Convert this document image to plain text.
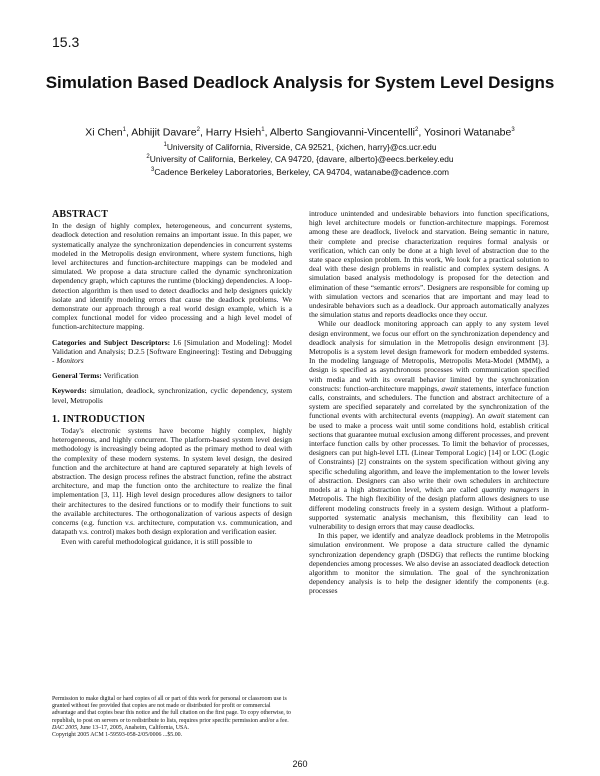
15.3
Simulation Based Deadlock Analysis for System Level Designs
Xi Chen$^1$, Abhijit Davare$^2$, Harry Hsieh$^1$, Alberto Sangiovanni-Vincentelli$^2$, Yosinori Watanabe$^3$
$^1$University of California, Riverside, CA 92521, {xichen, harry}@cs.ucr.edu
$^2$University of California, Berkeley, CA 94720, {davare, alberto}@eecs.berkeley.edu
$^3$Cadence Berkeley Laboratories, Berkeley, CA 94704, watanabe@cadence.com
ABSTRACT

In the design of highly complex, heterogeneous, and concurrent systems, deadlock detection and resolution remains an important issue. In this paper, we systematically analyze the synchronization dependencies in concurrent systems modeled in the Metropolis design environment, where system functions, high level architectures and function-architecture mappings can be modeled and simulated. We propose a data structure called the dynamic synchronization dependency graph, which captures the runtime (blocking) dependencies. A loop-detection algorithm is then used to detect deadlocks and help designers quickly isolate and identify modeling errors that cause the deadlock problems. We demonstrate our approach through a real world design example, which is a complex functional model for video processing and a high level model of function-architecture mapping.

Categories and Subject Descriptors: I.6 [Simulation and Modeling]: Model Validation and Analysis; D.2.5 [Software Engineering]: Testing and Debugging - Monitors

General Terms: Verification

Keywords: simulation, deadlock, synchronization, cyclic dependency, system level, Metropolis

1. INTRODUCTION

Today's electronic systems have become highly complex, highly heterogeneous, and highly concurrent. The platform-based system level design methodology is increasingly being adopted as the primary method to deal with the complexity of these modern systems. In system level design, the desired function and the architecture at hand are captured separately at high levels of abstraction. The design process refines the abstract function, refine the abstract architecture, and map the function onto the architecture to realize the final implementation [3, 11]. High level design procedures allow designers to tailor their architectures to the desired functions or to modify their functions to suit the available architectures. The orthogonalization of various aspects of design concerns (e.g. function v.s. architecture, computation v.s. communication, and datapath v.s. control) makes both design exploration and verification easier.

Even with careful methodological guidance, it is still possible to

Permission to make digital or hard copies of all or part of this work for personal or classroom use is granted without fee provided that copies are not made or distributed for profit or commercial advantage and that copies bear this notice and the full citation on the first page. To copy otherwise, to republish, to post on servers or to redistribute to lists, requires prior specific permission and/or a fee.
DAC 2005, June 13–17, 2005, Anaheim, California, USA.
Copyright 2005 ACM 1-59593-058-2/05/0006 ...$5.00.

introduce unintended and undesirable behaviors into function specifications, high level architecture models or function-architecture mappings. Foremost among these are deadlock, livelock and starvation. Being semantic in nature, their complete and precise characterization requires formal analysis or verification, which can only be done at a high level of abstraction due to the state space explosion problem. In this work, We look for a practical solution to deal with these design problems in realistic and complex system designs. A simulation based analysis methodology is proposed for the detection and elimination of these “semantic errors”. Designers are responsible for coming up with simulation vectors and scenarios that are important and may lead to undesirable behaviors such as a deadlock. Our approach automatically analyzes the simulation status and reports deadlocks once they occur.

While our deadlock monitoring approach can apply to any system level design environment, we focus our effort on the synchronization dependency and deadlock analysis for simulation in the Metropolis design environment [3]. Metropolis is a system level design framework for modern embedded systems. In the modeling language of Metropolis, Metropolis Meta-Model (MMM), a design is specified as asynchronous processes with communication specified with media and with its overall behavior limited by the synchronization constructs: function-architecture mappings, await statements, interface function calls, constraints, and schedulers. The function and abstract architecture of a system are specified separately and correlated by the synchronization of the functional events with architectural events (mapping). An await statement can be used to make a process wait until some conditions hold, establish critical sections that guarantee mutual exclusion among different processes, and prevent interface function calls by other processes. To limit the behavior of processes, designers can put high-level LTL (Linear Temporal Logic) [14] or LOC (Logic of Constraints) [2] constraints on the system specification without giving any specific scheduling algorithm, and leave the implementation to the lower levels of abstraction. Designers can also write their own schedulers in architecture models at a high abstraction level, which are called quantity managers in Metropolis. The high flexibility of the design platform allows designers to use different modeling constructs freely in a system design. Without a platform-supported systematic analysis mechanism, this flexibility can lead to vulnerability to design errors that may cause deadlocks.

In this paper, we identify and analyze deadlock problems in the Metropolis simulation environment. We propose a data structure called the dynamic synchronization dependency graph (DSDG) that reflects the runtime blocking dependencies among processes. We also devise an associated deadlock detection algorithm to monitor the simulation. The goal of the synchronization dependency analysis is to help the designer identify the components (e.g. processes

260
